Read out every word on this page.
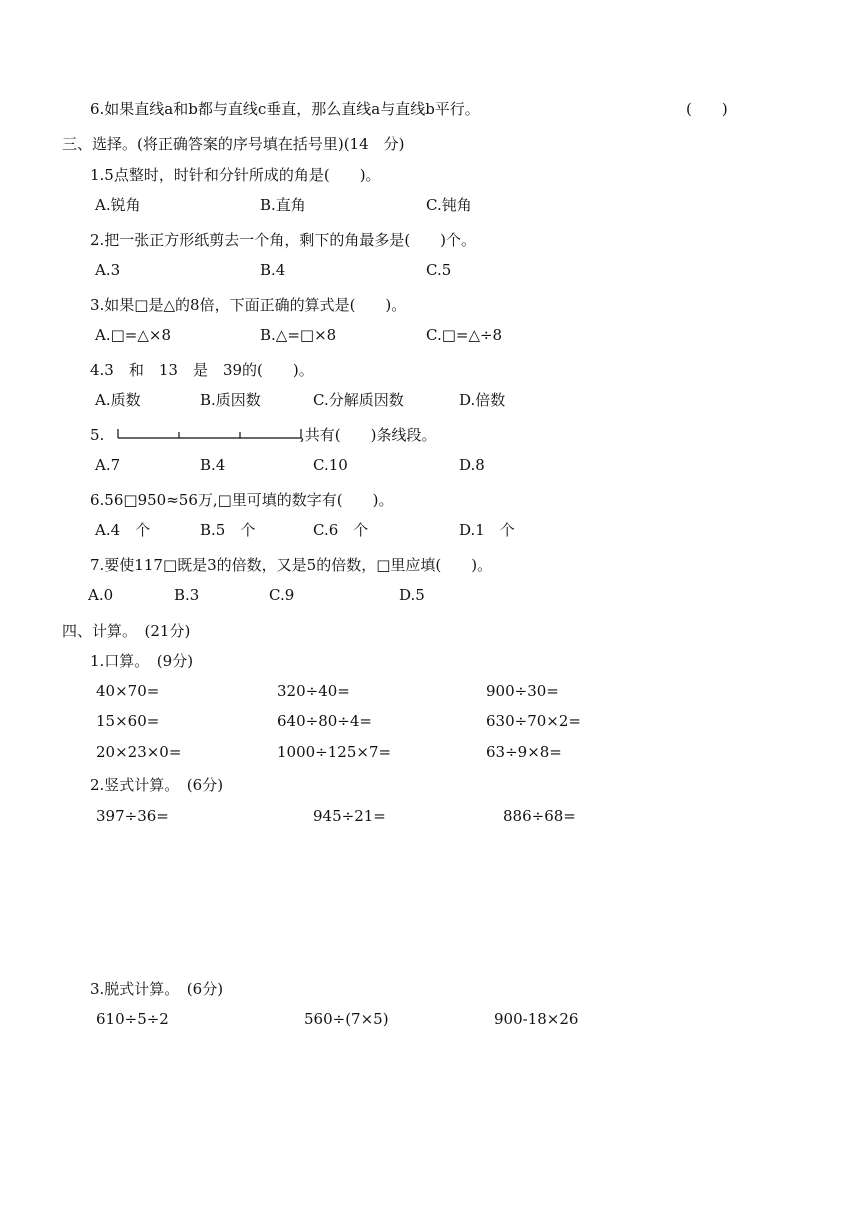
6.如果直线a和b都与直线c垂直，那么直线a与直线b平行。	(　　)
三、选择。(将正确答案的序号填在括号里)(14　分)
1.5点整时，时针和分针所成的角是(　　)。
A.锐角	B.直角	C.钝角
2.把一张正方形纸剪去一个角，剩下的角最多是(　　)个。
A.3	B.4	C.5
3.如果□是△的8倍，下面正确的算式是(　　)。
A.□=△×8	B.△=□×8	C.□=△÷8
4.3　和　13　是　39的(　　)。
A.质数	B.质因数	C.分解质因数	D.倍数
5.	,共有(　　)条线段。
A.7	B.4	C.10	D.8
6.56□950≈56万,□里可填的数字有(　　)。
A.4　个	B.5　个	C.6　个	D.1　个
7.要使117□既是3的倍数，又是5的倍数，□里应填(　　)。
A.0	B.3	C.9	D.5
四、计算。　(21分)
1.口算。　(9分)
40×70=	320÷40=	900÷30=
15×60=	640÷80÷4=	630÷70×2=
20×23×0=	1000÷125×7=	63÷9×8=
2.竖式计算。　(6分)
397÷36=	945÷21=	886÷68=
3.脱式计算。　(6分)
610÷5÷2	560÷(7×5)	900-18×26
